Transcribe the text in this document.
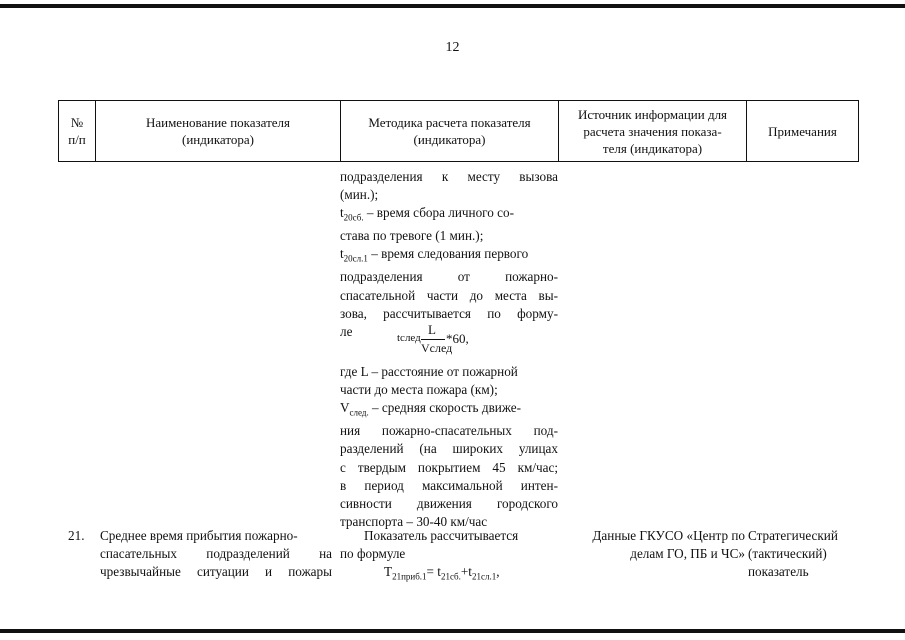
12
№
п/п
Наименование показателя
(индикатора)
Методика расчета показателя
(индикатора)
Источник информации для
расчета значения показа-
теля (индикатора)
Примечания
подразделения к месту вызова
(мин.);
$t_{20сб.}$ – время сбора личного со-
става по тревоге (1 мин.);
$t_{20сл.1}$ – время следования первого
подразделения от пожарно-
спасательной части до места вы-
зова, рассчитывается по форму-
ле	tслед
L
Vслед
*60,
где L – расстояние от пожарной
части до места пожара (км);
$V_{след.}$ – средняя скорость движе-
ния пожарно-спасательных под-
разделений (на широких улицах
с твердым покрытием 45 км/час;
в период максимальной интен-
сивности движения городского
транспорта – 30-40 км/час
21.	Среднее время прибытия пожарно-
спасательных подразделений на
чрезвычайные ситуации и пожары
Показатель рассчитывается
по формуле
$T_{21приб.1}= t_{21сб.}+t_{21сл.1}$,
Данные ГКУСО «Центр по
делам ГО, ПБ и ЧС»
Стратегический
(тактический)
показатель
